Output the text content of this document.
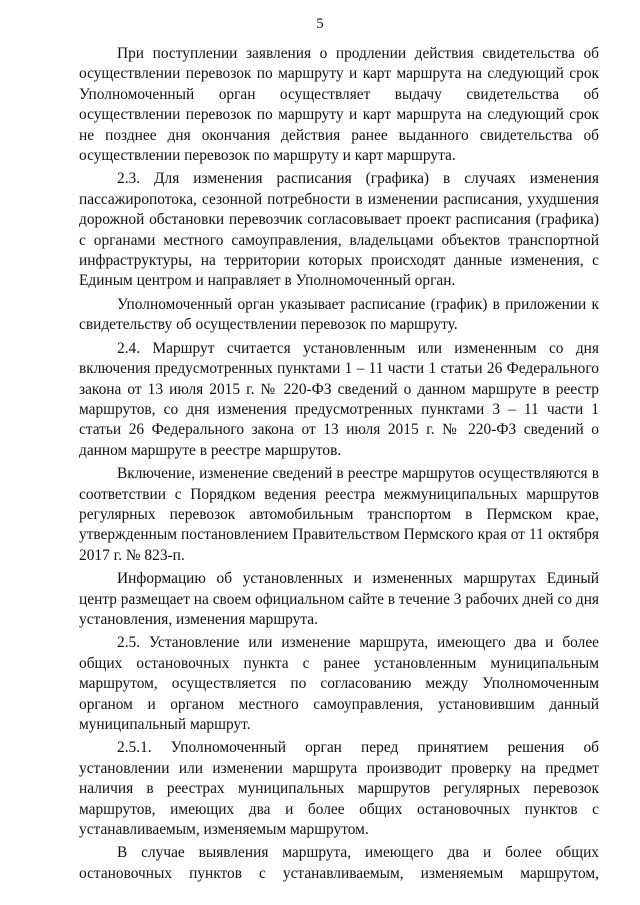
5

При поступлении заявления о продлении действия свидетельства об осуществлении перевозок по маршруту и карт маршрута на следующий срок Уполномоченный орган осуществляет выдачу свидетельства об осуществлении перевозок по маршруту и карт маршрута на следующий срок не позднее дня окончания действия ранее выданного свидетельства об осуществлении перевозок по маршруту и карт маршрута.

2.3. Для изменения расписания (графика) в случаях изменения пассажиропотока, сезонной потребности в изменении расписания, ухудшения дорожной обстановки перевозчик согласовывает проект расписания (графика) с органами местного самоуправления, владельцами объектов транспортной инфраструктуры, на территории которых происходят данные изменения, с Единым центром и направляет в Уполномоченный орган.

Уполномоченный орган указывает расписание (график) в приложении к свидетельству об осуществлении перевозок по маршруту.

2.4. Маршрут считается установленным или измененным со дня включения предусмотренных пунктами 1 – 11 части 1 статьи 26 Федерального закона от 13 июля 2015 г. № 220-ФЗ сведений о данном маршруте в реестр маршрутов, со дня изменения предусмотренных пунктами 3 – 11 части 1 статьи 26 Федерального закона от 13 июля 2015 г. № 220-ФЗ сведений о данном маршруте в реестре маршрутов.

Включение, изменение сведений в реестре маршрутов осуществляются в соответствии с Порядком ведения реестра межмуниципальных маршрутов регулярных перевозок автомобильным транспортом в Пермском крае, утвержденным постановлением Правительством Пермского края от 11 октября 2017 г. № 823-п.

Информацию об установленных и измененных маршрутах Единый центр размещает на своем официальном сайте в течение 3 рабочих дней со дня установления, изменения маршрута.

2.5. Установление или изменение маршрута, имеющего два и более общих остановочных пункта с ранее установленным муниципальным маршрутом, осуществляется по согласованию между Уполномоченным органом и органом местного самоуправления, установившим данный муниципальный маршрут.

2.5.1. Уполномоченный орган перед принятием решения об установлении или изменении маршрута производит проверку на предмет наличия в реестрах муниципальных маршрутов регулярных перевозок маршрутов, имеющих два и более общих остановочных пунктов с устанавливаемым, изменяемым маршрутом.

В случае выявления маршрута, имеющего два и более общих остановочных пунктов с устанавливаемым, изменяемым маршрутом,
